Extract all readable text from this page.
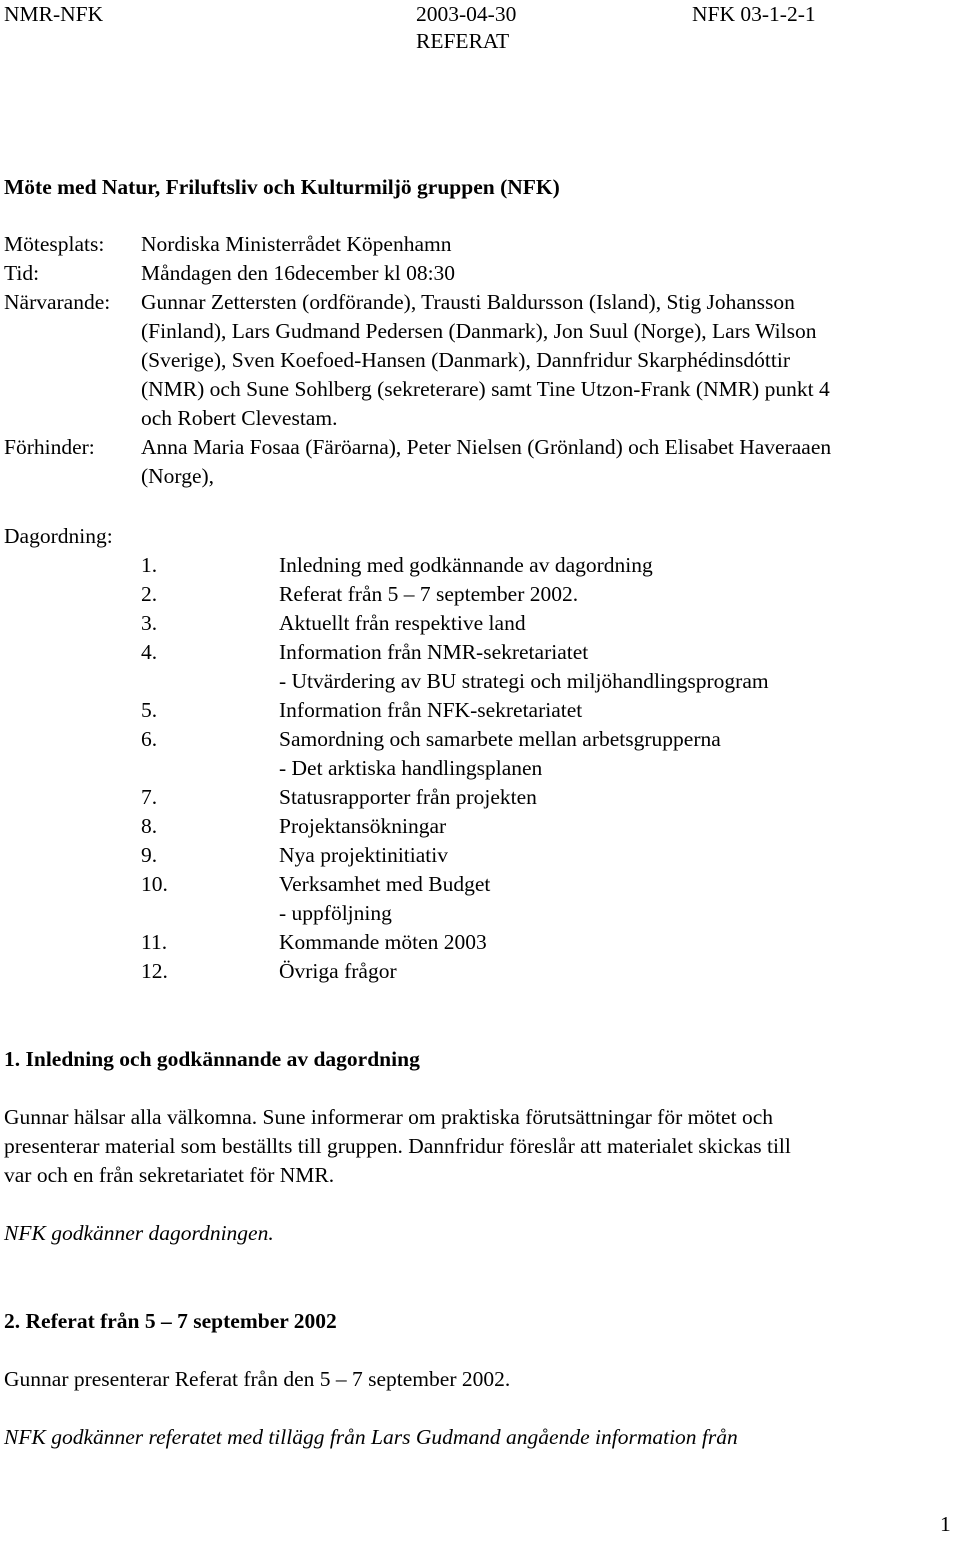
NMR-NFK	2003-04-30	NFK 03-1-2-1
REFERAT
Möte med Natur, Friluftsliv och Kulturmiljö gruppen (NFK)
Mötesplats: Nordiska Ministerrådet Köpenhamn
Tid:	Måndagen den 16december kl 08:30
Närvarande: Gunnar Zettersten (ordförande), Trausti Baldursson (Island), Stig Johansson
(Finland), Lars Gudmand Pedersen (Danmark), Jon Suul (Norge), Lars Wilson
(Sverige), Sven Koefoed-Hansen (Danmark), Dannfridur Skarphédinsdóttir
(NMR) och Sune Sohlberg (sekreterare) samt Tine Utzon-Frank (NMR) punkt 4
och Robert Clevestam.
Förhinder: Anna Maria Fosaa (Färöarna), Peter Nielsen (Grönland) och Elisabet Haveraaen
(Norge),
Dagordning:
1.	Inledning med godkännande av dagordning
2.	Referat från 5 – 7 september 2002.
3.	Aktuellt från respektive land
4.	Information från NMR-sekretariatet
- Utvärdering av BU strategi och miljöhandlingsprogram
5.	Information från NFK-sekretariatet
6.	Samordning och samarbete mellan arbetsgrupperna
- Det arktiska handlingsplanen
7.	Statusrapporter från projekten
8.	Projektansökningar
9.	Nya projektinitiativ
10.	Verksamhet med Budget
- uppföljning
11.	Kommande möten 2003
12.	Övriga frågor
1. Inledning och godkännande av dagordning
Gunnar hälsar alla välkomna. Sune informerar om praktiska förutsättningar för mötet och
presenterar material som beställts till gruppen. Dannfridur föreslår att materialet skickas till
var och en från sekretariatet för NMR.
NFK godkänner dagordningen.
2. Referat från 5 – 7 september 2002
Gunnar presenterar Referat från den 5 – 7 september 2002.
NFK godkänner referatet med tillägg från Lars Gudmand angående information från
1
